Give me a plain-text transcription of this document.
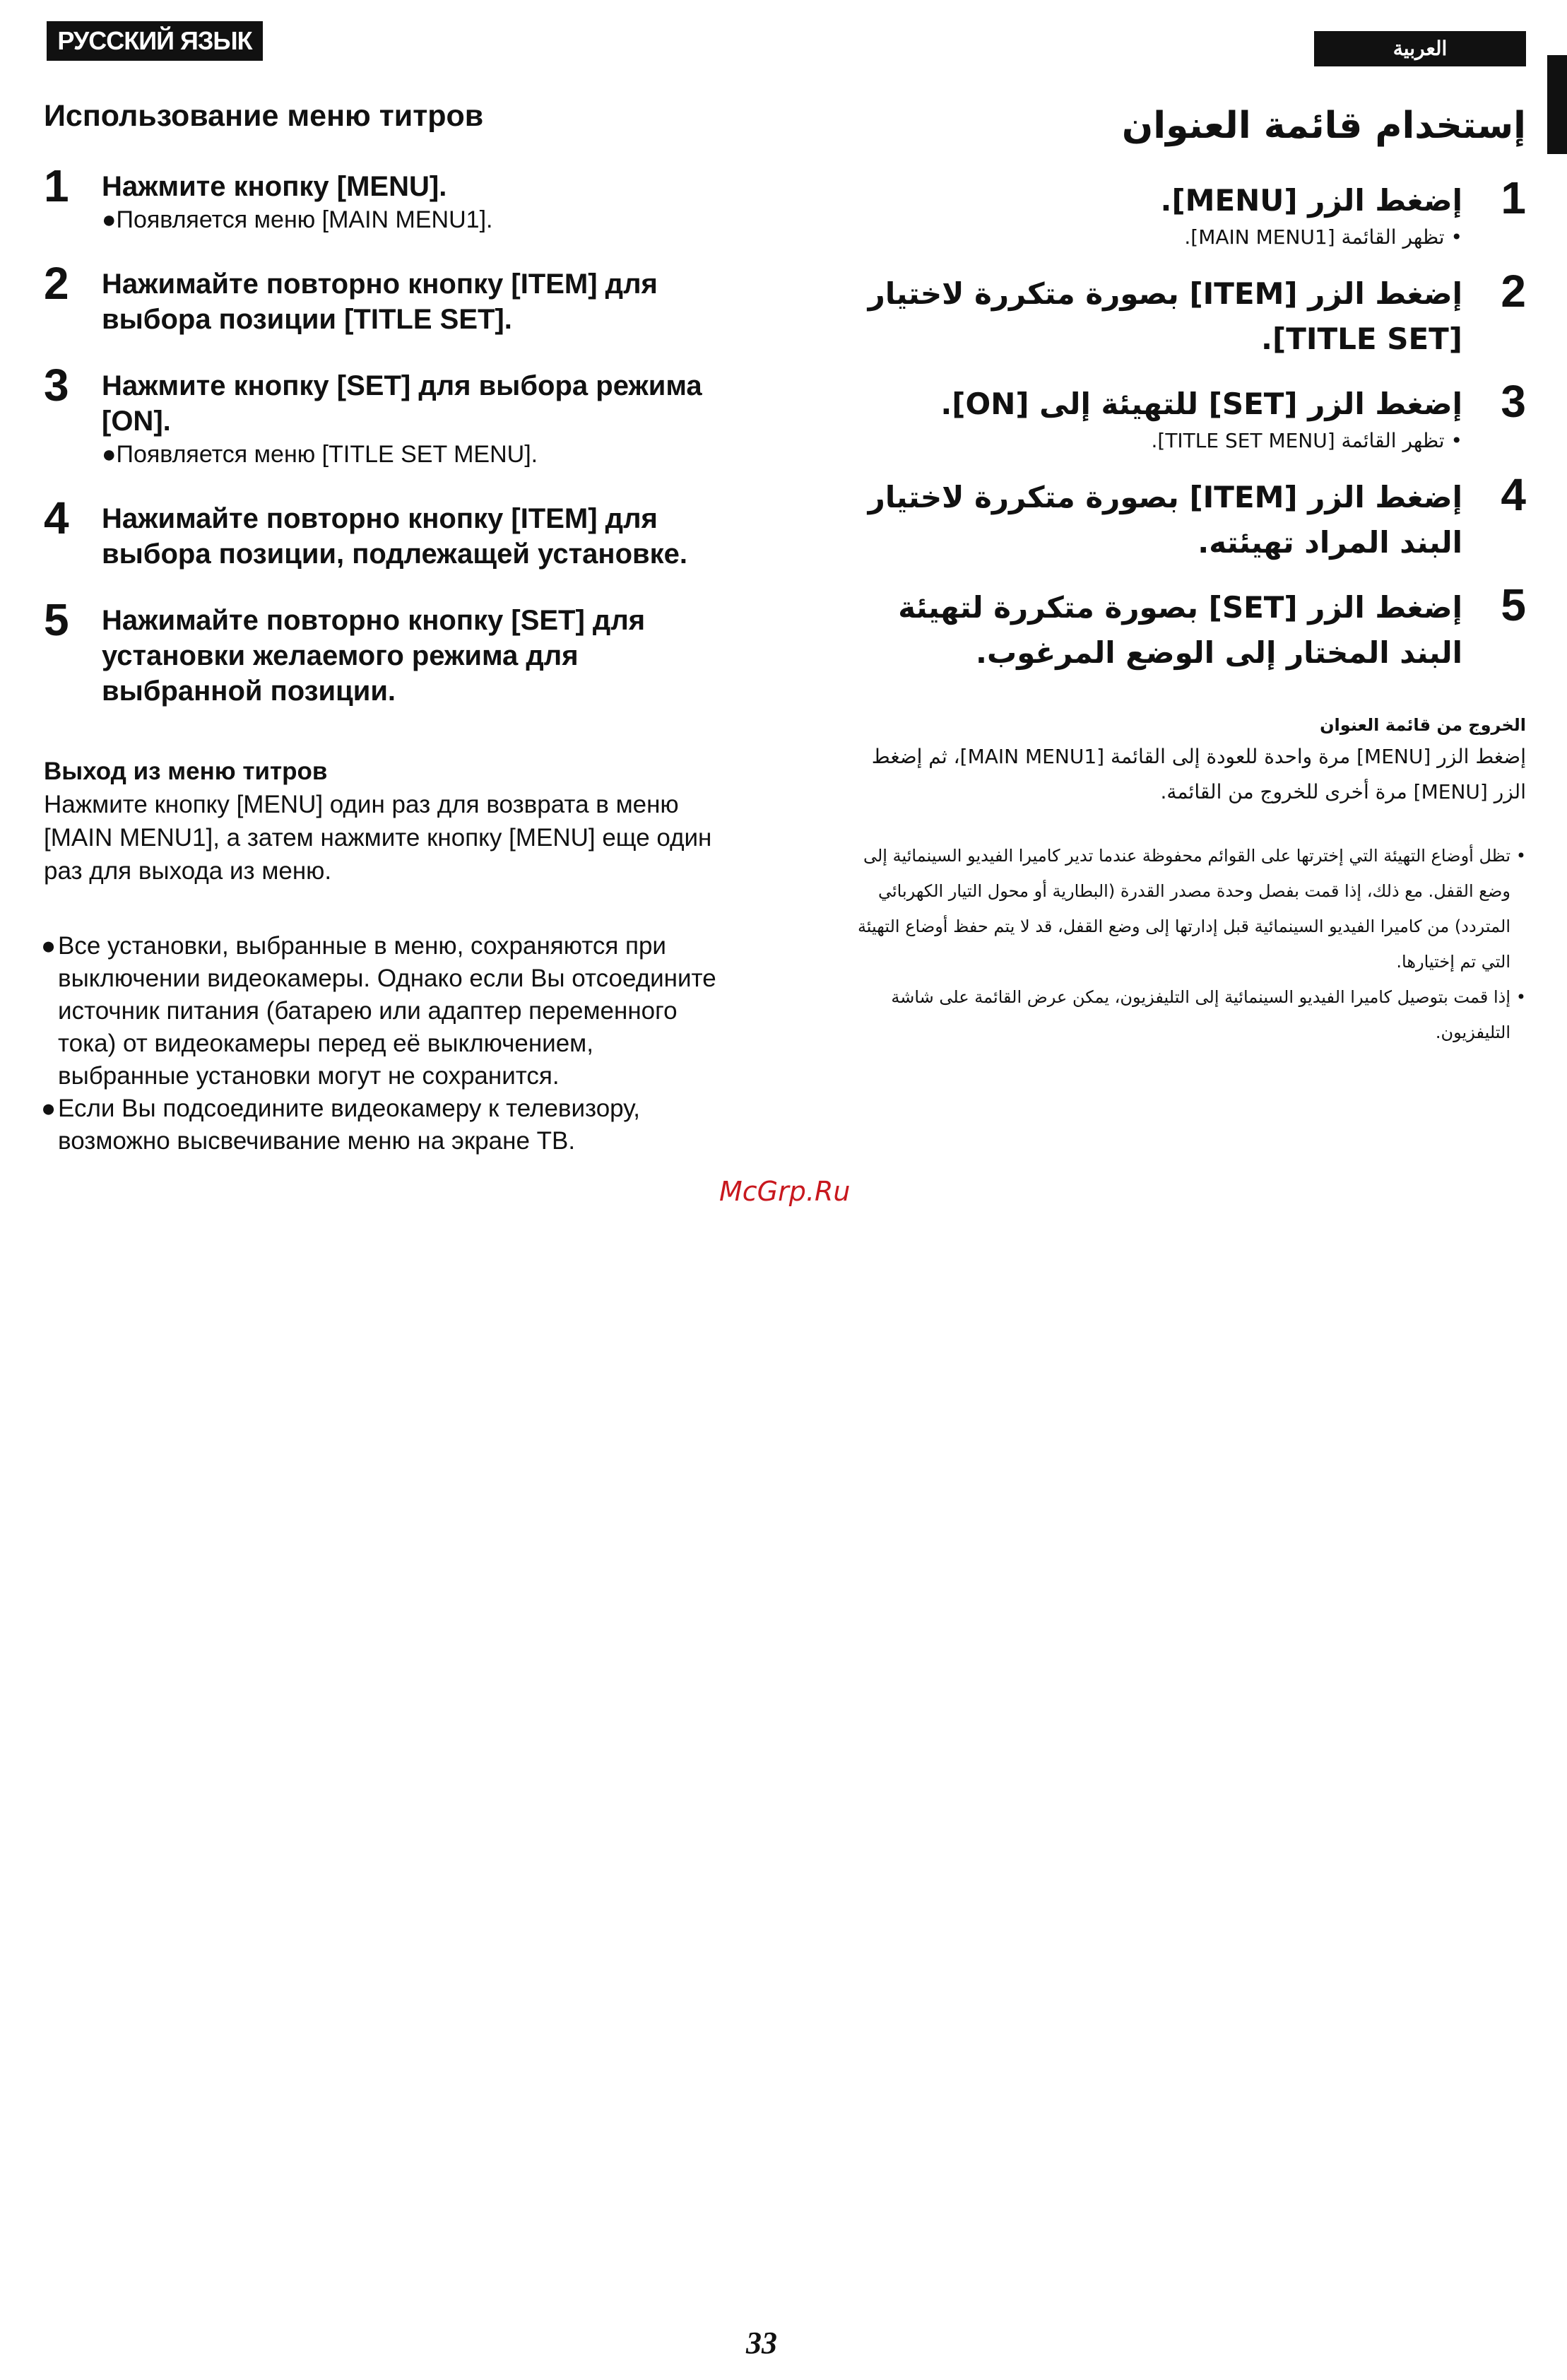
РУССКИЙ ЯЗЫК	العربية
Использование меню титров
1 Нажмите кнопку [MENU].
●Появляется меню [MAIN MENU1].
2 Нажимайте повторно кнопку [ITEM] для выбора позиции [TITLE SET].
3 Нажмите кнопку [SET] для выбора режима [ON].
●Появляется меню [TITLE SET MENU].
4 Нажимайте повторно кнопку [ITEM] для выбора позиции, подлежащей установке.
5 Нажимайте повторно кнопку [SET] для установки желаемого режима для выбранной позиции.
Выход из меню титров
Нажмите кнопку [MENU] один раз для возврата в меню [MAIN MENU1], а затем нажмите кнопку [MENU] еще один раз для выхода из меню.
● Все установки, выбранные в меню, сохраняются при выключении видеокамеры. Однако если Вы отсоедините источник питания (батарею или адаптер переменного тока) от видеокамеры перед её выключением, выбранные установки могут не сохранится.
● Если Вы подсоедините видеокамеру к телевизору, возможно высвечивание меню на экране ТВ.
إستخدام قائمة العنوان
1
إضغط الزر [MENU].
• تظهر القائمة [MAIN MENU1].
2
إضغط الزر [ITEM] بصورة متكررة لاختيار [TITLE SET].
3
إضغط الزر [SET] للتهيئة إلى [ON].
• تظهر القائمة [TITLE SET MENU].
4
إضغط الزر [ITEM] بصورة متكررة لاختيار البند المراد تهيئته.
5
إضغط الزر [SET] بصورة متكررة لتهيئة البند المختار إلى الوضع المرغوب.
الخروج من قائمة العنوان
إضغط الزر [MENU] مرة واحدة للعودة إلى القائمة [MAIN MENU1]، ثم إضغط الزر [MENU] مرة أخرى للخروج من القائمة.
•
تظل أوضاع التهيئة التي إخترتها على القوائم محفوظة عندما تدير كاميرا الفيديو السينمائية إلى وضع القفل. مع ذلك، إذا قمت بفصل وحدة مصدر القدرة (البطارية أو محول التيار الكهربائي المتردد) من كاميرا الفيديو السينمائية قبل إدارتها إلى وضع القفل، قد لا يتم حفظ أوضاع التهيئة التي تم إختيارها.
•
إذا قمت بتوصيل كاميرا الفيديو السينمائية إلى التليفزيون، يمكن عرض القائمة على شاشة التليفزيون.
McGrp.Ru
33
